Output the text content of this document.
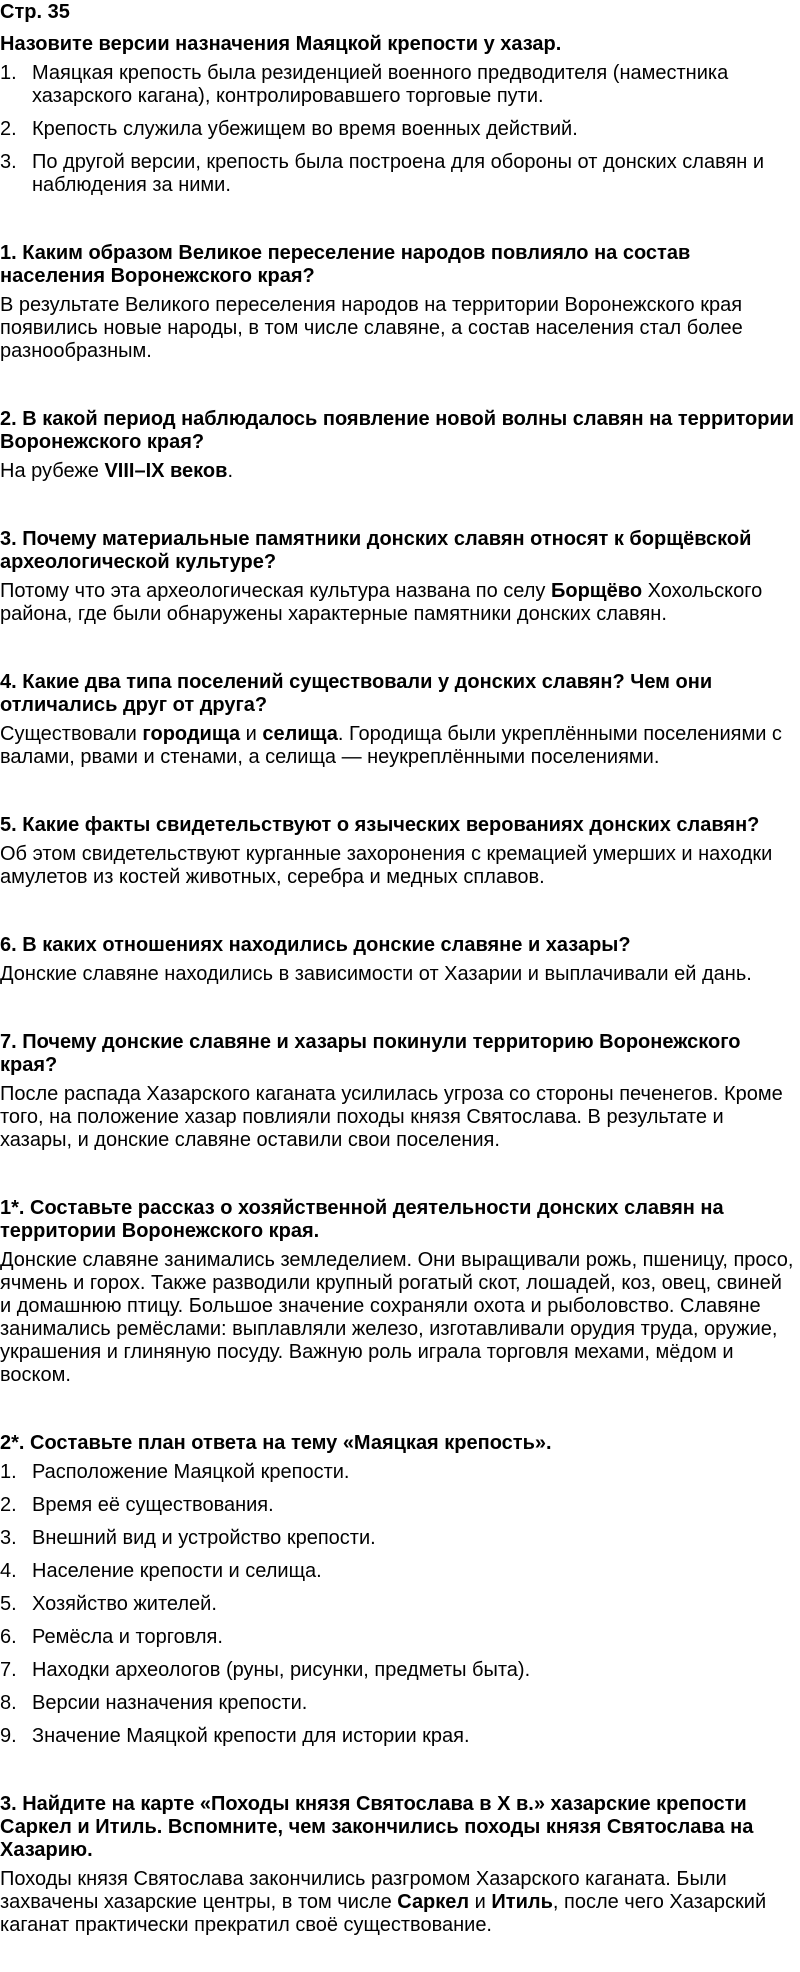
Стр. 35
Назовите версии назначения Маяцкой крепости у хазар.
1. Маяцкая крепость была резиденцией военного предводителя (наместника хазарского кагана), контролировавшего торговые пути.
2. Крепость служила убежищем во время военных действий.
3. По другой версии, крепость была построена для обороны от донских славян и наблюдения за ними.
1. Каким образом Великое переселение народов повлияло на состав населения Воронежского края?

В результате Великого переселения народов на территории Воронежского края появились новые народы, в том числе славяне, а состав населения стал более разнообразным.

2. В какой период наблюдалось появление новой волны славян на территории Воронежского края?

На рубеже VIII–IX веков.

3. Почему материальные памятники донских славян относят к борщёвской археологической культуре?

Потому что эта археологическая культура названа по селу Борщёво Хохольского района, где были обнаружены характерные памятники донских славян.

4. Какие два типа поселений существовали у донских славян? Чем они отличались друг от друга?

Существовали городища и селища. Городища были укреплёнными поселениями с валами, рвами и стенами, а селища — неукреплёнными поселениями.

5. Какие факты свидетельствуют о языческих верованиях донских славян?

Об этом свидетельствуют курганные захоронения с кремацией умерших и находки амулетов из костей животных, серебра и медных сплавов.

6. В каких отношениях находились донские славяне и хазары?

Донские славяне находились в зависимости от Хазарии и выплачивали ей дань.

7. Почему донские славяне и хазары покинули территорию Воронежского края?

После распада Хазарского каганата усилилась угроза со стороны печенегов. Кроме того, на положение хазар повлияли походы князя Святослава. В результате и хазары, и донские славяне оставили свои поселения.

1*. Составьте рассказ о хозяйственной деятельности донских славян на территории Воронежского края.

Донские славяне занимались земледелием. Они выращивали рожь, пшеницу, просо, ячмень и горох. Также разводили крупный рогатый скот, лошадей, коз, овец, свиней и домашнюю птицу. Большое значение сохраняли охота и рыболовство. Славяне занимались ремёслами: выплавляли железо, изготавливали орудия труда, оружие, украшения и глиняную посуду. Важную роль играла торговля мехами, мёдом и воском.

2*. Составьте план ответа на тему «Маяцкая крепость».
1. Расположение Маяцкой крепости.
2. Время её существования.
3. Внешний вид и устройство крепости.
4. Население крепости и селища.
5. Хозяйство жителей.
6. Ремёсла и торговля.
7. Находки археологов (руны, рисунки, предметы быта).
8. Версии назначения крепости.
9. Значение Маяцкой крепости для истории края.
3. Найдите на карте «Походы князя Святослава в X в.» хазарские крепости Саркел и Итиль. Вспомните, чем закончились походы князя Святослава на Хазарию.

Походы князя Святослава закончились разгромом Хазарского каганата. Были захвачены хазарские центры, в том числе Саркел и Итиль, после чего Хазарский каганат практически прекратил своё существование.
